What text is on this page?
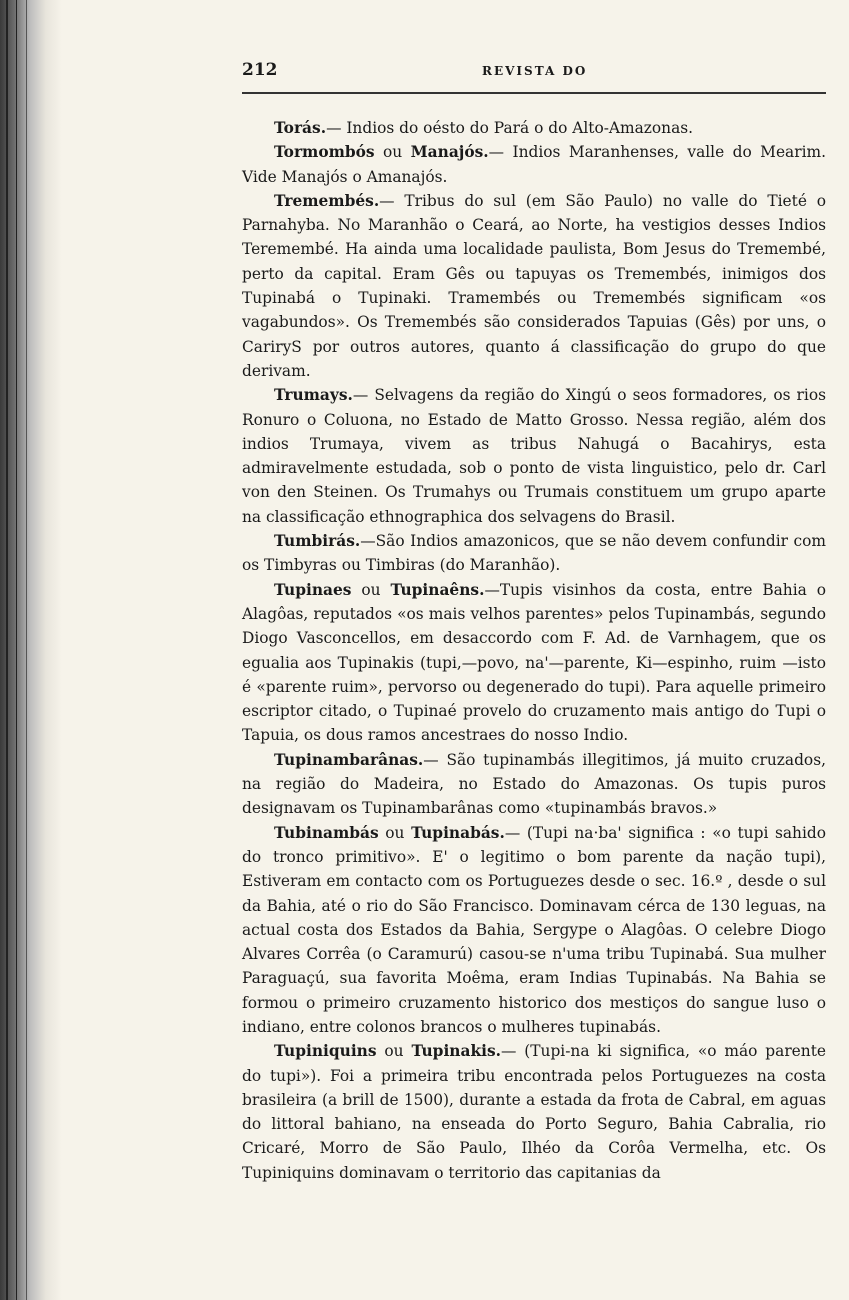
212	REVISTA DO

Torás.— Indios do oésto do Pará o do Alto-Amazonas.

Tormombós ou Manajós.— Indios Maranhenses, valle do Mearim. Vide Manajós o Amanajós.

Tremembés.— Tribus do sul (em São Paulo) no valle do Tieté o Parnahyba. No Maranhão o Ceará, ao Norte, ha vestigios desses Indios Teremembé. Ha ainda uma localidade paulista, Bom Jesus do Tremembé, perto da capital. Eram Gês ou tapuyas os Tremembés, inimigos dos Tupinabá o Tupinaki. Tramembés ou Tremembés significam «os vagabundos». Os Tremembés são considerados Tapuias (Gês) por uns, o CariryS por outros autores, quanto á classificação do grupo do que derivam.

Trumays.— Selvagens da região do Xingú o seos formadores, os rios Ronuro o Coluona, no Estado de Matto Grosso. Nessa região, além dos indios Trumaya, vivem as tribus Nahugá o Bacahirys, esta admiravelmente estudada, sob o ponto de vista linguistico, pelo dr. Carl von den Steinen. Os Trumahys ou Trumais constituem um grupo aparte na classificação ethnographica dos selvagens do Brasil.

Tumbirás.—São Indios amazonicos, que se não devem confundir com os Timbyras ou Timbiras (do Maranhão).

Tupinaes ou Tupinaêns.—Tupis visinhos da costa, entre Bahia o Alagôas, reputados «os mais velhos parentes» pelos Tupinambás, segundo Diogo Vasconcellos, em desaccordo com F. Ad. de Varnhagem, que os egualia aos Tupinakis (tupi,—povo, na'—parente, Ki—espinho, ruim —isto é «parente ruim», pervorso ou degenerado do tupi). Para aquelle primeiro escriptor citado, o Tupinaé provelo do cruzamento mais antigo do Tupi o Tapuia, os dous ramos ancestraes do nosso Indio.

Tupinambarânas.— São tupinambás illegitimos, já muito cruzados, na região do Madeira, no Estado do Amazonas. Os tupis puros designavam os Tupinambarânas como «tupinambás bravos.»

Tubinambás ou Tupinabás.— (Tupi na·ba' significa : «o tupi sahido do tronco primitivo». E' o legitimo o bom parente da nação tupi), Estiveram em contacto com os Portuguezes desde o sec. 16.º , desde o sul da Bahia, até o rio do São Francisco. Dominavam cérca de 130 leguas, na actual costa dos Estados da Bahia, Sergype o Alagôas. O celebre Diogo Alvares Corrêa (o Caramurú) casou-se n'uma tribu Tupinabá. Sua mulher Paraguaçú, sua favorita Moêma, eram Indias Tupinabás. Na Bahia se formou o primeiro cruzamento historico dos mestiços do sangue luso o indiano, entre colonos brancos o mulheres tupinabás.

Tupiniquins ou Tupinakis.— (Tupi-na ki significa, «o máo parente do tupi»). Foi a primeira tribu encontrada pelos Portuguezes na costa brasileira (a brill de 1500), durante a estada da frota de Cabral, em aguas do littoral bahiano, na enseada do Porto Seguro, Bahia Cabralia, rio Cricaré, Morro de São Paulo, Ilhéo da Corôa Vermelha, etc. Os Tupiniquins dominavam o territorio das capitanias da
